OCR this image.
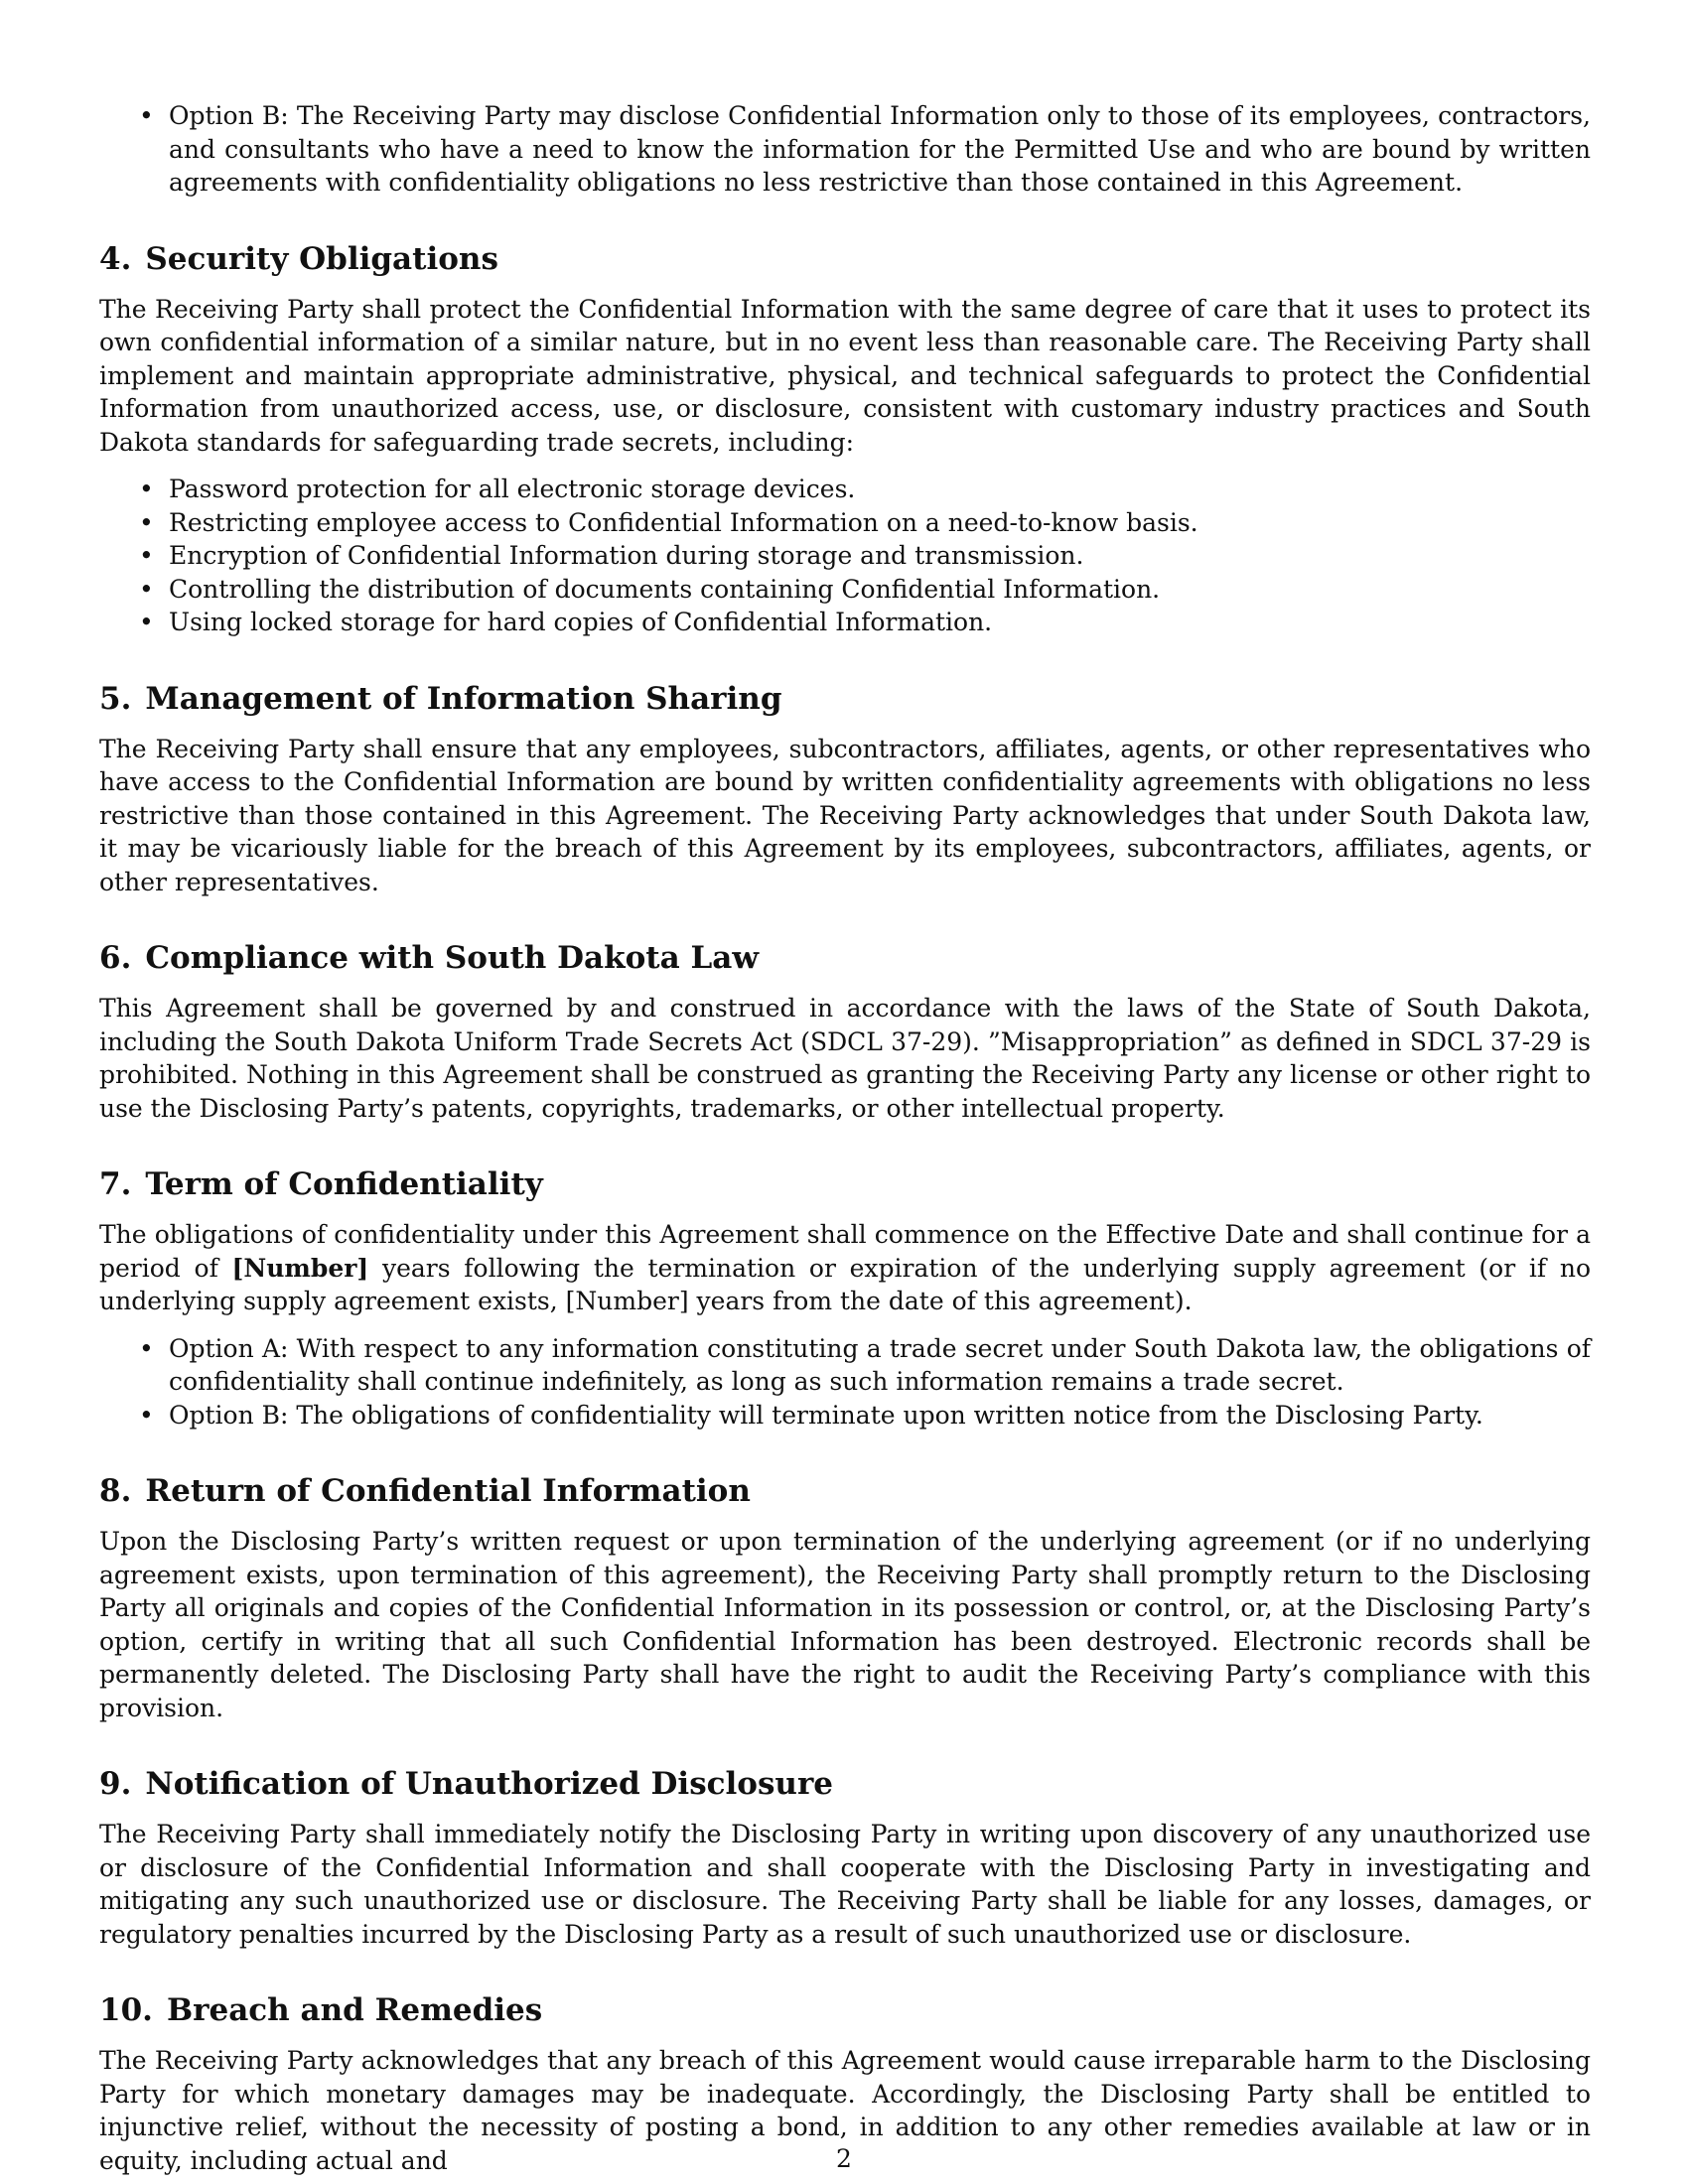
• Option B: The Receiving Party may disclose Confidential Information only to those of its employees, contractors, and consultants who have a need to know the information for the Permitted Use and who are bound by written agreements with confidentiality obligations no less restrictive than those contained in this Agreement.
4. Security Obligations

The Receiving Party shall protect the Confidential Information with the same degree of care that it uses to protect its own confidential information of a similar nature, but in no event less than reasonable care. The Receiving Party shall implement and maintain appropriate administrative, physical, and technical safeguards to protect the Confidential Information from unauthorized access, use, or disclosure, consistent with customary industry practices and South Dakota standards for safeguarding trade secrets, including:

• Password protection for all electronic storage devices.
• Restricting employee access to Confidential Information on a need-to-know basis.
• Encryption of Confidential Information during storage and transmission.
• Controlling the distribution of documents containing Confidential Information.
• Using locked storage for hard copies of Confidential Information.
5. Management of Information Sharing

The Receiving Party shall ensure that any employees, subcontractors, affiliates, agents, or other representatives who have access to the Confidential Information are bound by written confidentiality agreements with obligations no less restrictive than those contained in this Agreement. The Receiving Party acknowledges that under South Dakota law, it may be vicariously liable for the breach of this Agreement by its employees, subcontractors, affiliates, agents, or other representatives.

6. Compliance with South Dakota Law

This Agreement shall be governed by and construed in accordance with the laws of the State of South Dakota, including the South Dakota Uniform Trade Secrets Act (SDCL 37-29). ”Misappropriation” as defined in SDCL 37-29 is prohibited. Nothing in this Agreement shall be construed as granting the Receiving Party any license or other right to use the Disclosing Party’s patents, copyrights, trademarks, or other intellectual property.

7. Term of Confidentiality

The obligations of confidentiality under this Agreement shall commence on the Effective Date and shall continue for a period of [Number] years following the termination or expiration of the underlying supply agreement (or if no underlying supply agreement exists, [Number] years from the date of this agreement).

• Option A: With respect to any information constituting a trade secret under South Dakota law, the obligations of confidentiality shall continue indefinitely, as long as such information remains a trade secret.
• Option B: The obligations of confidentiality will terminate upon written notice from the Disclosing Party.
8. Return of Confidential Information

Upon the Disclosing Party’s written request or upon termination of the underlying agreement (or if no underlying agreement exists, upon termination of this agreement), the Receiving Party shall promptly return to the Disclosing Party all originals and copies of the Confidential Information in its possession or control, or, at the Disclosing Party’s option, certify in writing that all such Confidential Information has been destroyed. Electronic records shall be permanently deleted. The Disclosing Party shall have the right to audit the Receiving Party’s compliance with this provision.

9. Notification of Unauthorized Disclosure

The Receiving Party shall immediately notify the Disclosing Party in writing upon discovery of any unauthorized use or disclosure of the Confidential Information and shall cooperate with the Disclosing Party in investigating and mitigating any such unauthorized use or disclosure. The Receiving Party shall be liable for any losses, damages, or regulatory penalties incurred by the Disclosing Party as a result of such unauthorized use or disclosure.

10. Breach and Remedies

The Receiving Party acknowledges that any breach of this Agreement would cause irreparable harm to the Disclosing Party for which monetary damages may be inadequate. Accordingly, the Disclosing Party shall be entitled to injunctive relief, without the necessity of posting a bond, in addition to any other remedies available at law or in equity, including actual and	2
